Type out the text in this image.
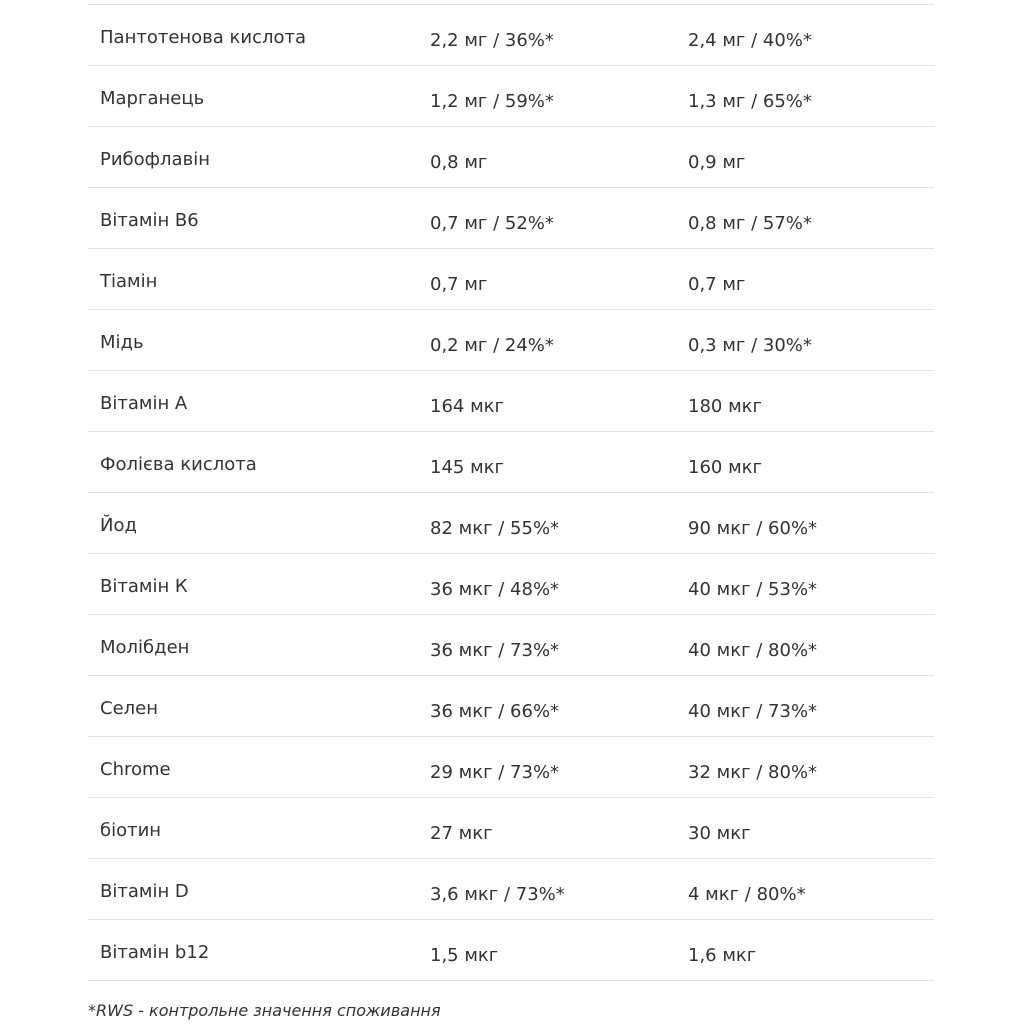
Пантотенова кислота	2,2 мг / 36%*	2,4 мг / 40%*
Марганець	1,2 мг / 59%*	1,3 мг / 65%*
Рибофлавін	0,8 мг	0,9 мг
Вітамін В6	0,7 мг / 52%*	0,8 мг / 57%*
Тіамін	0,7 мг	0,7 мг
Мідь	0,2 мг / 24%*	0,3 мг / 30%*
Вітамін А	164 мкг	180 мкг
Фолієва кислота	145 мкг	160 мкг
Йод	82 мкг / 55%*	90 мкг / 60%*
Вітамін К	36 мкг / 48%*	40 мкг / 53%*
Молібден	36 мкг / 73%*	40 мкг / 80%*
Селен	36 мкг / 66%*	40 мкг / 73%*
Chrome	29 мкг / 73%*	32 мкг / 80%*
біотин	27 мкг	30 мкг
Вітамін D	3,6 мкг / 73%*	4 мкг / 80%*
Вітамін b12	1,5 мкг	1,6 мкг
*RWS - контрольне значення споживання
